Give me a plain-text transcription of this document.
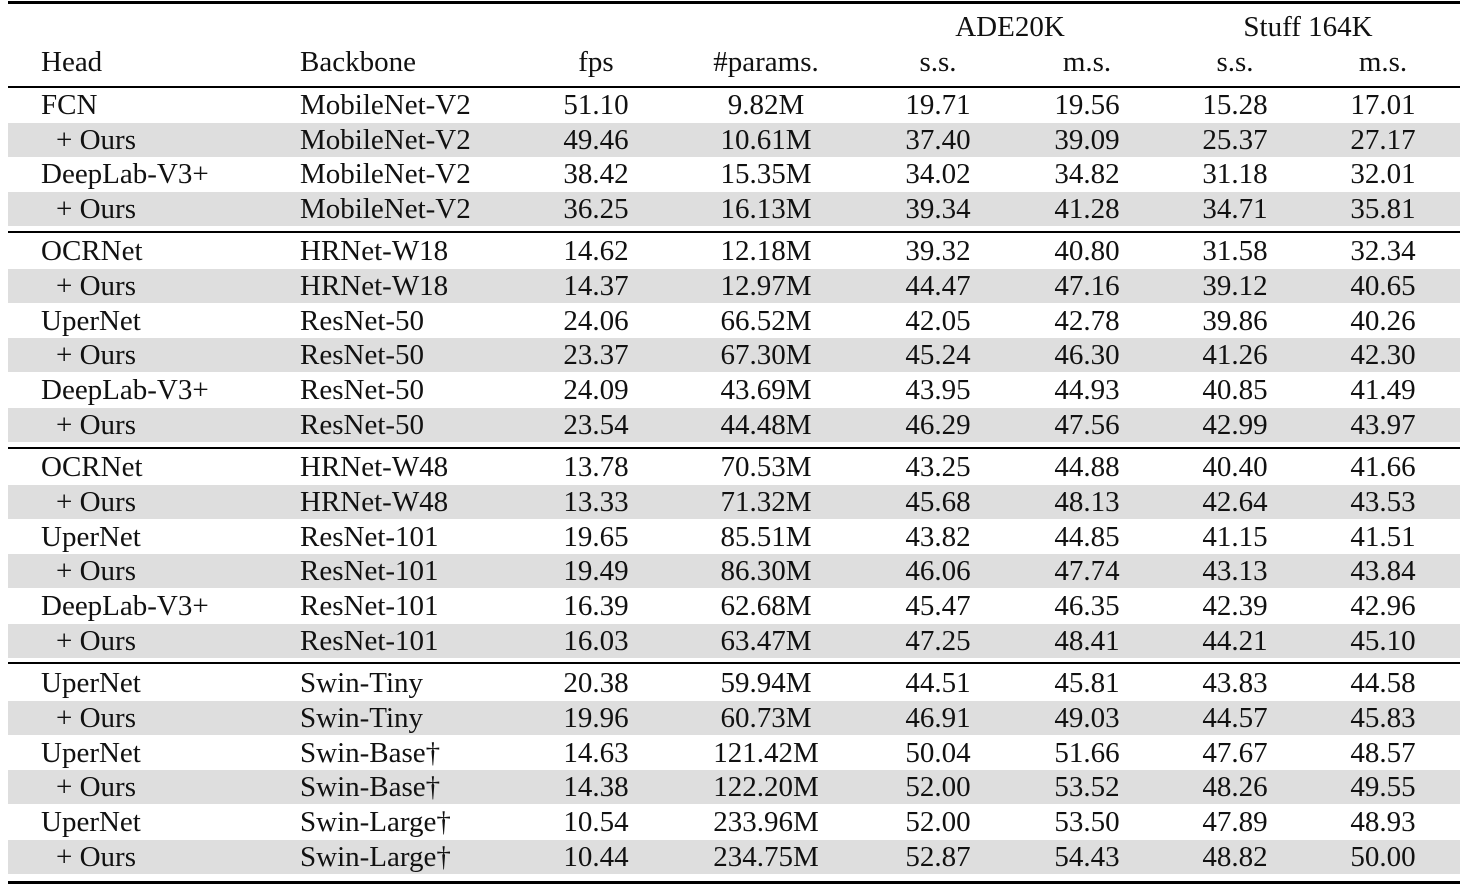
ADE20K	Stuff 164K
Head	Backbone	fps	#params.	s.s.	m.s.	s.s.	m.s.
FCN	MobileNet-V2	51.10	9.82M	19.71	19.56	15.28	17.01
+ Ours	MobileNet-V2	49.46	10.61M	37.40	39.09	25.37	27.17
DeepLab-V3+	MobileNet-V2	38.42	15.35M	34.02	34.82	31.18	32.01
+ Ours	MobileNet-V2	36.25	16.13M	39.34	41.28	34.71	35.81
OCRNet	HRNet-W18	14.62	12.18M	39.32	40.80	31.58	32.34
+ Ours	HRNet-W18	14.37	12.97M	44.47	47.16	39.12	40.65
UperNet	ResNet-50	24.06	66.52M	42.05	42.78	39.86	40.26
+ Ours	ResNet-50	23.37	67.30M	45.24	46.30	41.26	42.30
DeepLab-V3+	ResNet-50	24.09	43.69M	43.95	44.93	40.85	41.49
+ Ours	ResNet-50	23.54	44.48M	46.29	47.56	42.99	43.97
OCRNet	HRNet-W48	13.78	70.53M	43.25	44.88	40.40	41.66
+ Ours	HRNet-W48	13.33	71.32M	45.68	48.13	42.64	43.53
UperNet	ResNet-101	19.65	85.51M	43.82	44.85	41.15	41.51
+ Ours	ResNet-101	19.49	86.30M	46.06	47.74	43.13	43.84
DeepLab-V3+	ResNet-101	16.39	62.68M	45.47	46.35	42.39	42.96
+ Ours	ResNet-101	16.03	63.47M	47.25	48.41	44.21	45.10
UperNet	Swin-Tiny	20.38	59.94M	44.51	45.81	43.83	44.58
+ Ours	Swin-Tiny	19.96	60.73M	46.91	49.03	44.57	45.83
UperNet	Swin-Base†	14.63	121.42M	50.04	51.66	47.67	48.57
+ Ours	Swin-Base†	14.38	122.20M	52.00	53.52	48.26	49.55
UperNet	Swin-Large†	10.54	233.96M	52.00	53.50	47.89	48.93
+ Ours	Swin-Large†	10.44	234.75M	52.87	54.43	48.82	50.00
